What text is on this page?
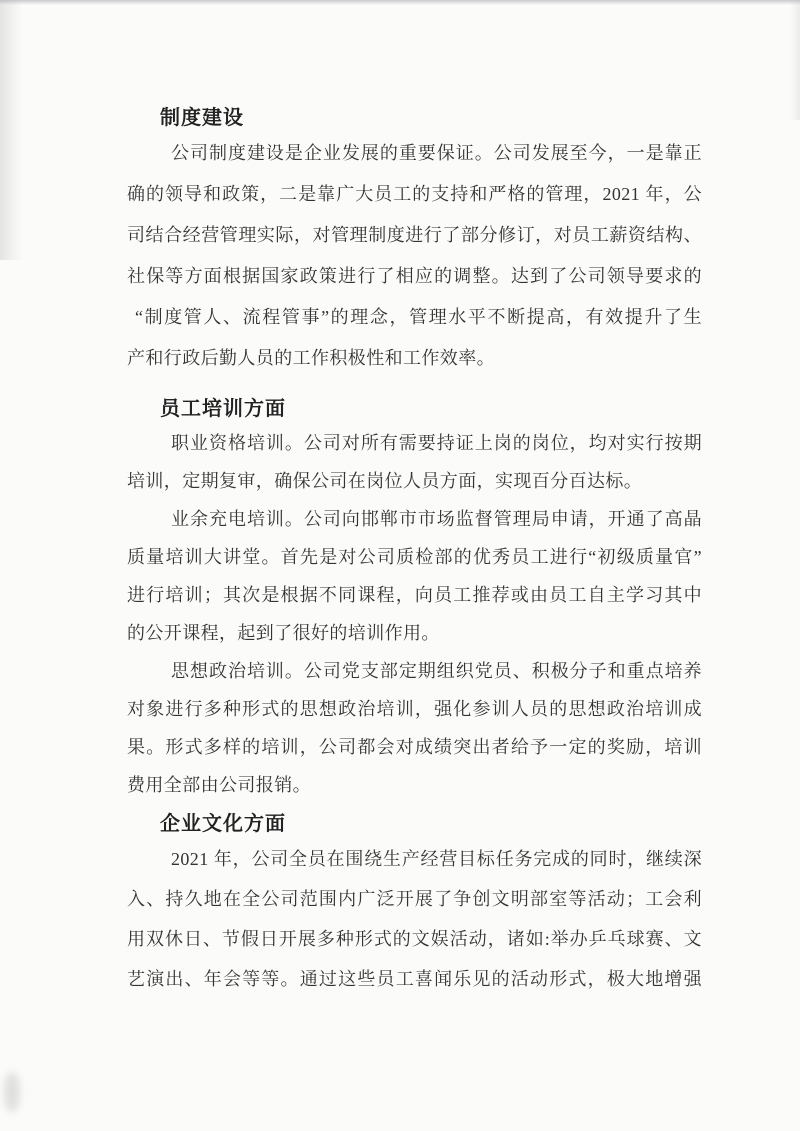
制度建设
公司制度建设是企业发展的重要保证。公司发展至今，一是靠正
确的领导和政策，二是靠广大员工的支持和严格的管理，2021 年，公
司结合经营管理实际，对管理制度进行了部分修订，对员工薪资结构、
社保等方面根据国家政策进行了相应的调整。达到了公司领导要求的
“制度管人、流程管事”的理念，管理水平不断提高，有效提升了生
产和行政后勤人员的工作积极性和工作效率。
员工培训方面
职业资格培训。公司对所有需要持证上岗的岗位，均对实行按期
培训，定期复审，确保公司在岗位人员方面，实现百分百达标。
业余充电培训。公司向邯郸市市场监督管理局申请，开通了高晶
质量培训大讲堂。首先是对公司质检部的优秀员工进行“初级质量官”
进行培训；其次是根据不同课程，向员工推荐或由员工自主学习其中
的公开课程，起到了很好的培训作用。
思想政治培训。公司党支部定期组织党员、积极分子和重点培养
对象进行多种形式的思想政治培训，强化参训人员的思想政治培训成
果。形式多样的培训，公司都会对成绩突出者给予一定的奖励，培训
费用全部由公司报销。
企业文化方面
2021 年，公司全员在围绕生产经营目标任务完成的同时，继续深
入、持久地在全公司范围内广泛开展了争创文明部室等活动；工会利
用双休日、节假日开展多种形式的文娱活动，诸如:举办乒乓球赛、文
艺演出、年会等等。通过这些员工喜闻乐见的活动形式，极大地增强
